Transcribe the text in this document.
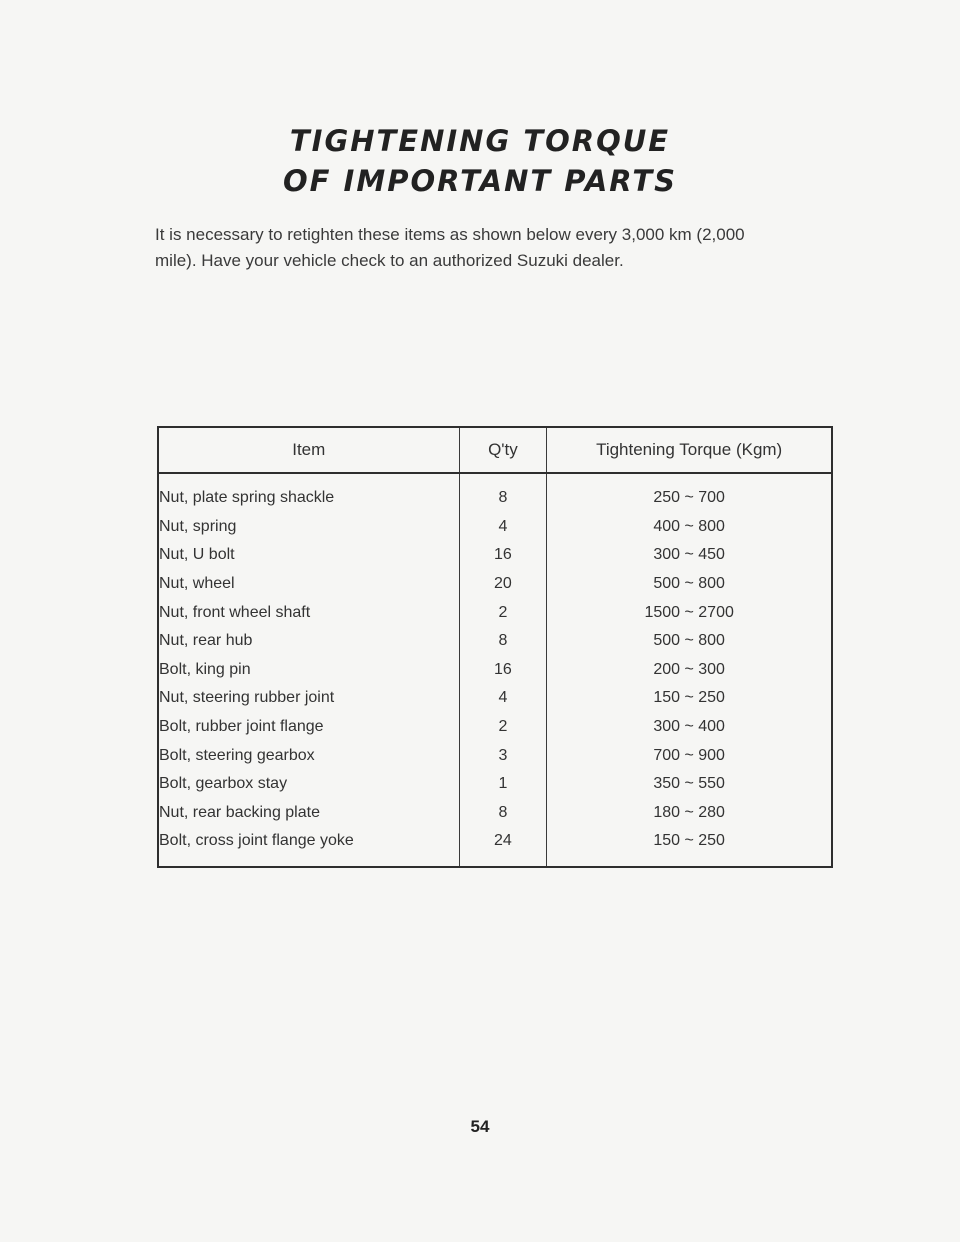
TIGHTENING TORQUE
OF IMPORTANT PARTS

It is necessary to retighten these items as shown below every 3,000 km (2,000

mile). Have your vehicle check to an authorized Suzuki dealer.

Item	Q'ty	Tightening Torque (Kgm)
Nut, plate spring shackle	8	250 ~ 700
Nut, spring	4	400 ~ 800
Nut, U bolt	16	300 ~ 450
Nut, wheel	20	500 ~ 800
Nut, front wheel shaft	2	1500 ~ 2700
Nut, rear hub	8	500 ~ 800
Bolt, king pin	16	200 ~ 300
Nut, steering rubber joint	4	150 ~ 250
Bolt, rubber joint flange	2	300 ~ 400
Bolt, steering gearbox	3	700 ~ 900
Bolt, gearbox stay	1	350 ~ 550
Nut, rear backing plate	8	180 ~ 280
Bolt, cross joint flange yoke	24	150 ~ 250
54
